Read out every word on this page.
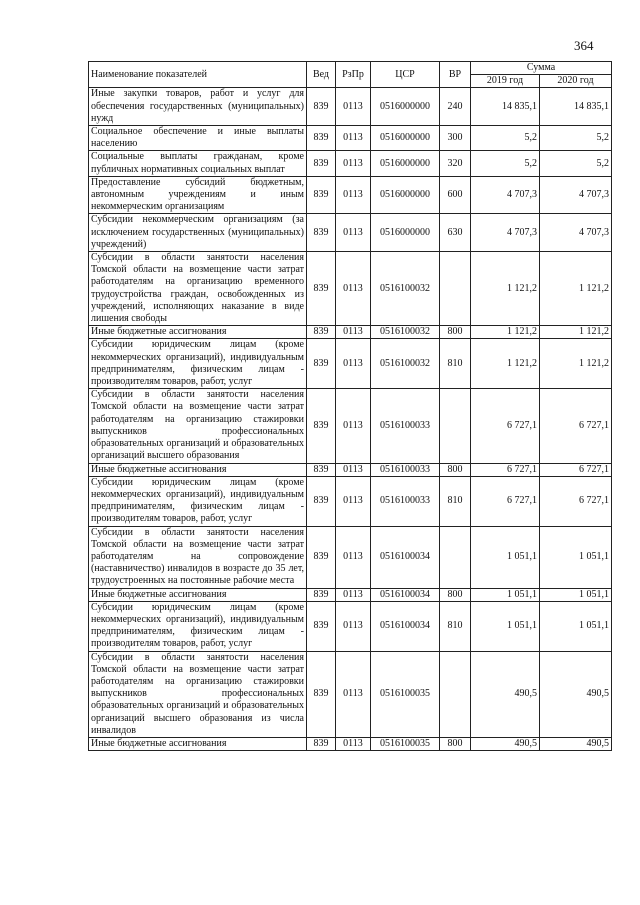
364
Наименование показателей	Вед	РзПр	ЦСР	ВР	Сумма	
					2019 год	2020 год
Иные закупки товаров, работ и услуг для обеспечения государственных (муниципальных) нужд	839	0113	0516000000	240	14 835,1	14 835,1
Социальное обеспечение и иные выплаты населению	839	0113	0516000000	300	5,2	5,2
Социальные выплаты гражданам, кроме публичных нормативных социальных выплат	839	0113	0516000000	320	5,2	5,2
Предоставление субсидий бюджетным, автономным учреждениям и иным некоммерческим организациям	839	0113	0516000000	600	4 707,3	4 707,3
Субсидии некоммерческим организациям (за исключением государственных (муниципальных) учреждений)	839	0113	0516000000	630	4 707,3	4 707,3
Субсидии в области занятости населения Томской области на возмещение части затрат работодателям на организацию временного трудоустройства граждан, освобожденных из учреждений, исполняющих наказание в виде лишения свободы	839	0113	0516100032		1 121,2	1 121,2
Иные бюджетные ассигнования	839	0113	0516100032	800	1 121,2	1 121,2
Субсидии юридическим лицам (кроме некоммерческих организаций), индивидуальным предпринимателям, физическим лицам - производителям товаров, работ, услуг	839	0113	0516100032	810	1 121,2	1 121,2
Субсидии в области занятости населения Томской области на возмещение части затрат работодателям на организацию стажировки выпускников профессиональных образовательных организаций и образовательных организаций высшего образования	839	0113	0516100033		6 727,1	6 727,1
Иные бюджетные ассигнования	839	0113	0516100033	800	6 727,1	6 727,1
Субсидии юридическим лицам (кроме некоммерческих организаций), индивидуальным предпринимателям, физическим лицам - производителям товаров, работ, услуг	839	0113	0516100033	810	6 727,1	6 727,1
Субсидии в области занятости населения Томской области на возмещение части затрат работодателям на сопровождение (наставничество) инвалидов в возрасте до 35 лет, трудоустроенных на постоянные рабочие места	839	0113	0516100034		1 051,1	1 051,1
Иные бюджетные ассигнования	839	0113	0516100034	800	1 051,1	1 051,1
Субсидии юридическим лицам (кроме некоммерческих организаций), индивидуальным предпринимателям, физическим лицам - производителям товаров, работ, услуг	839	0113	0516100034	810	1 051,1	1 051,1
Субсидии в области занятости населения Томской области на возмещение части затрат работодателям на организацию стажировки выпускников профессиональных образовательных организаций и образовательных организаций высшего образования из числа инвалидов	839	0113	0516100035		490,5	490,5
Иные бюджетные ассигнования	839	0113	0516100035	800	490,5	490,5
